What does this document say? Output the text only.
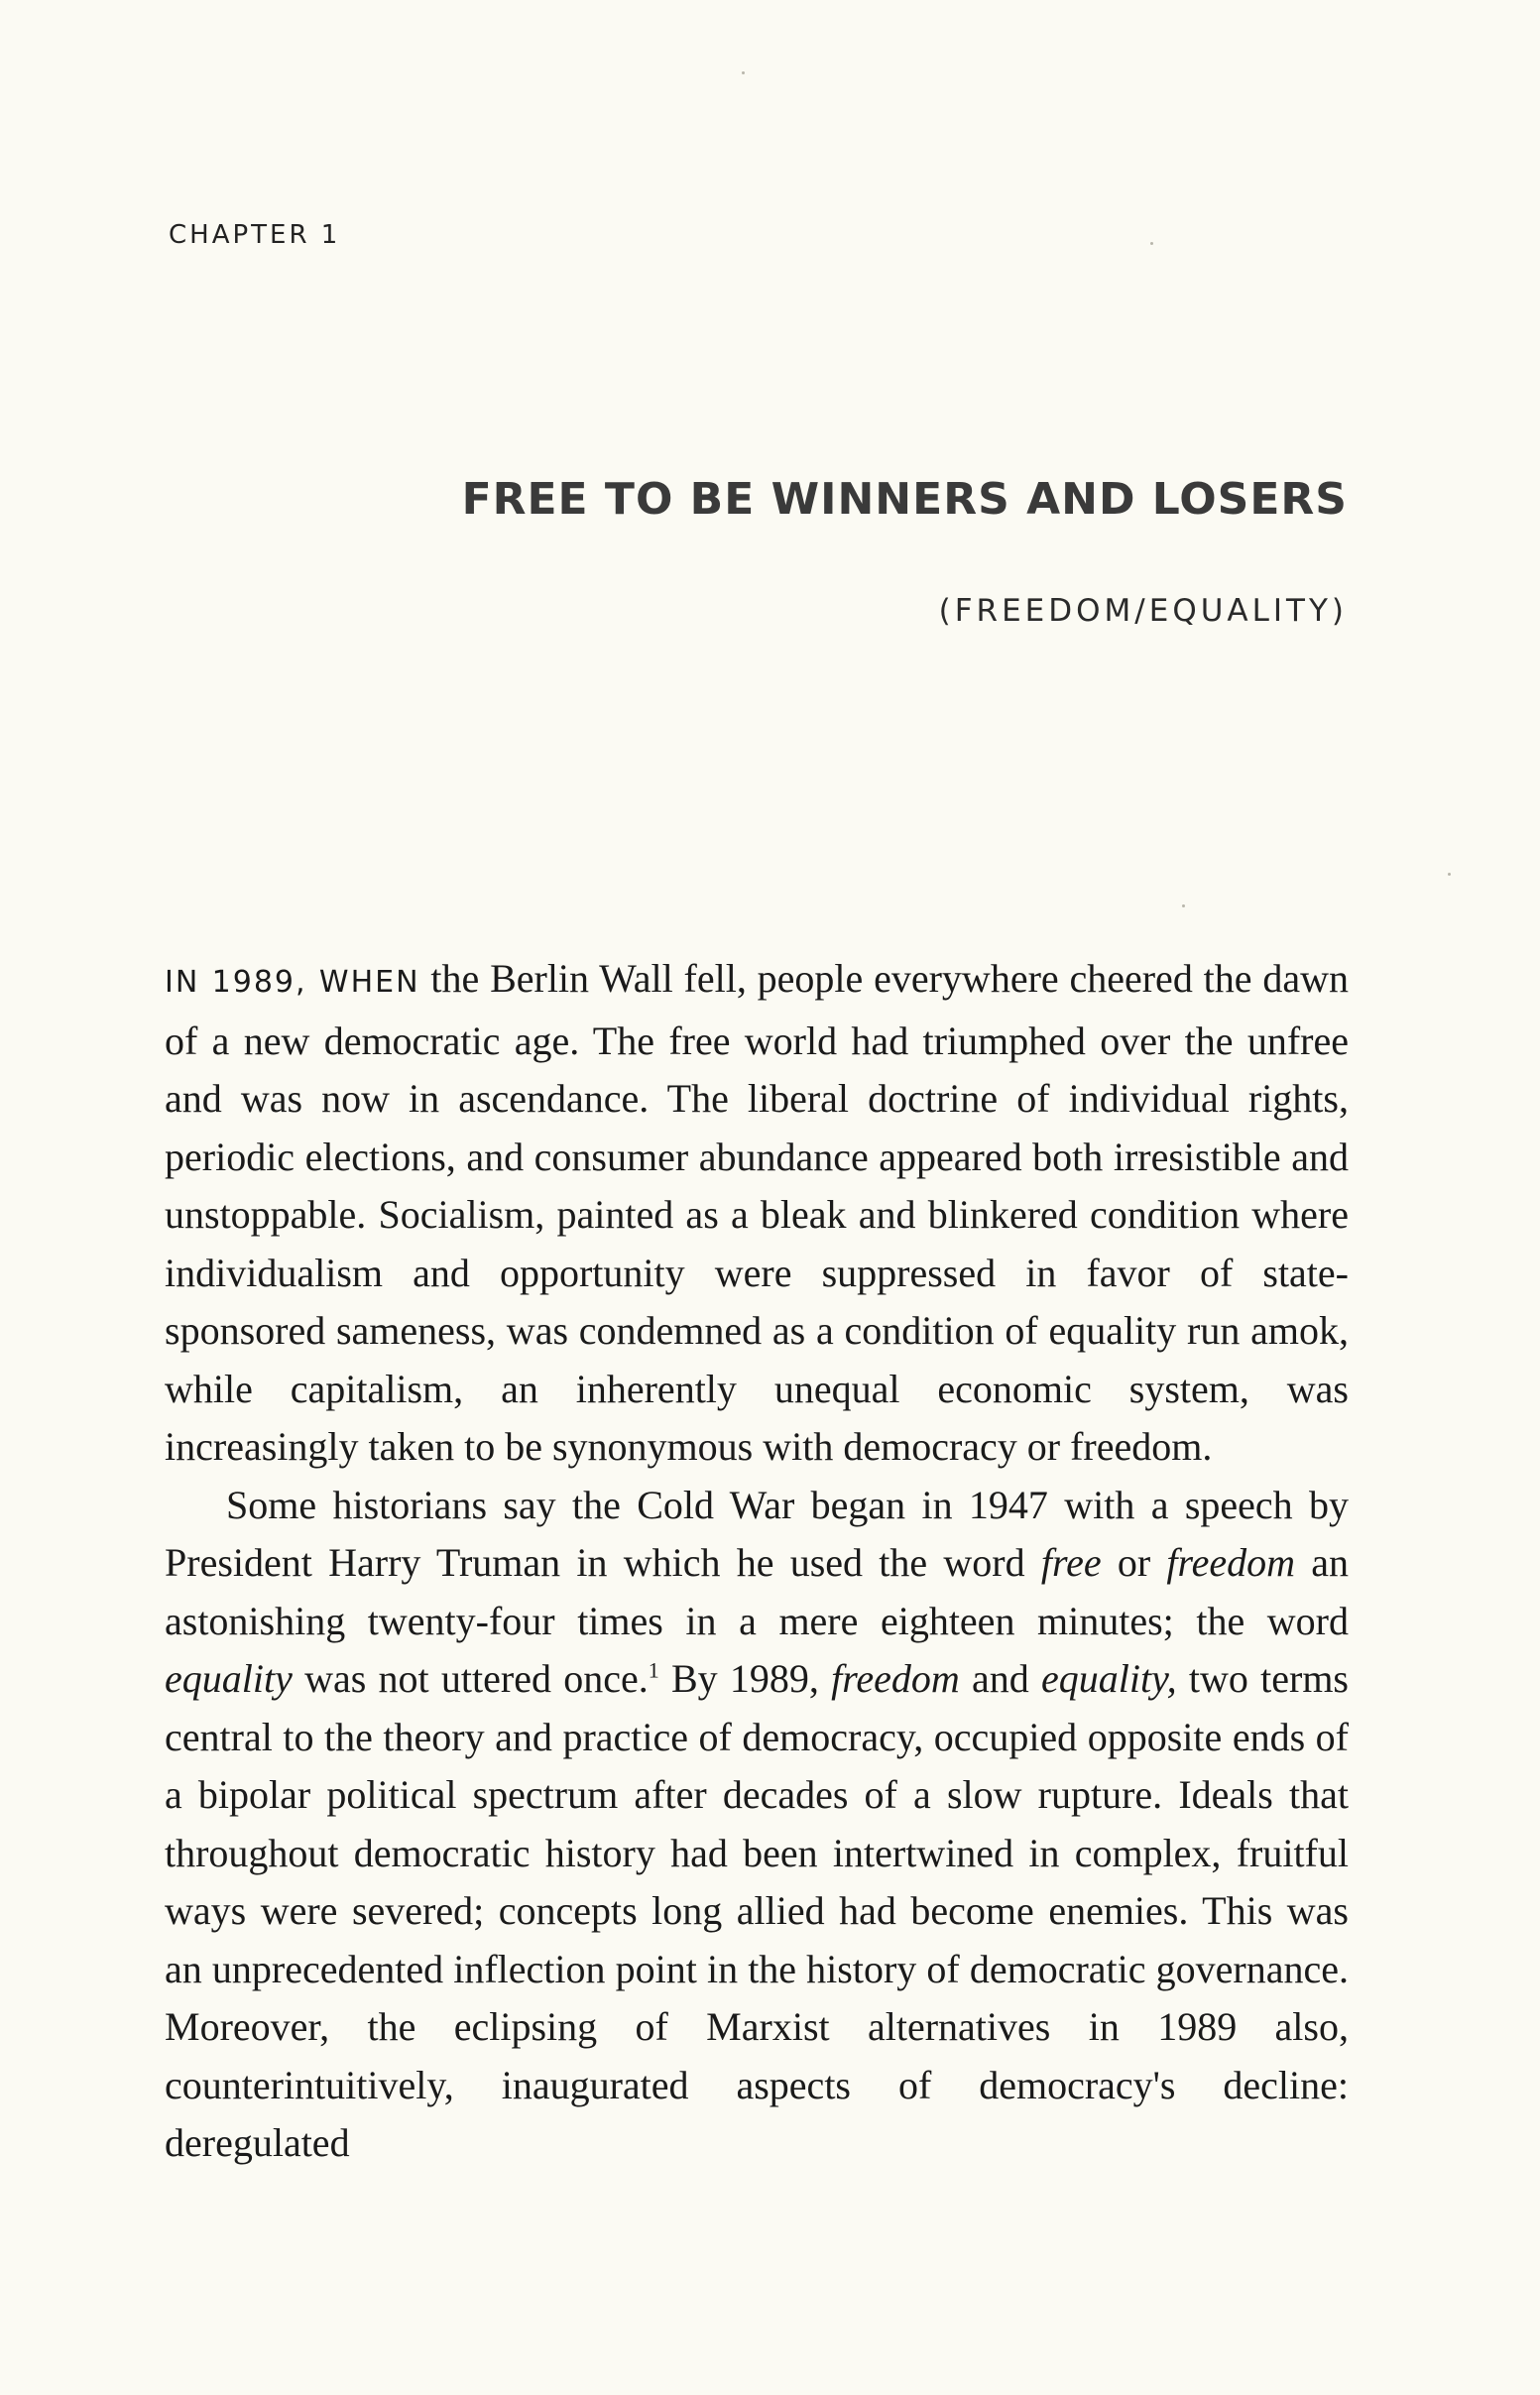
CHAPTER 1
FREE TO BE WINNERS AND LOSERS
(FREEDOM/EQUALITY)

IN 1989, WHEN the Berlin Wall fell, people everywhere cheered the dawn of a new democratic age. The free world had triumphed over the unfree and was now in ascendance. The liberal doctrine of individual rights, periodic elections, and consumer abundance appeared both irresistible and unstoppable. Socialism, painted as a bleak and blinkered condition where individualism and opportunity were suppressed in favor of state-sponsored sameness, was condemned as a condition of equality run amok, while capitalism, an inherently unequal economic system, was increasingly taken to be synonymous with democracy or freedom.

Some historians say the Cold War began in 1947 with a speech by President Harry Truman in which he used the word free or freedom an astonishing twenty-four times in a mere eighteen minutes; the word equality was not uttered once.$^1$ By 1989, freedom and equality, two terms central to the theory and practice of democracy, occupied opposite ends of a bipolar political spectrum after decades of a slow rupture. Ideals that throughout democratic history had been intertwined in complex, fruitful ways were severed; concepts long allied had become enemies. This was an unprecedented inflection point in the history of democratic governance. Moreover, the eclipsing of Marxist alternatives in 1989 also, counterintuitively, inaugurated aspects of democracy's decline: deregulated
